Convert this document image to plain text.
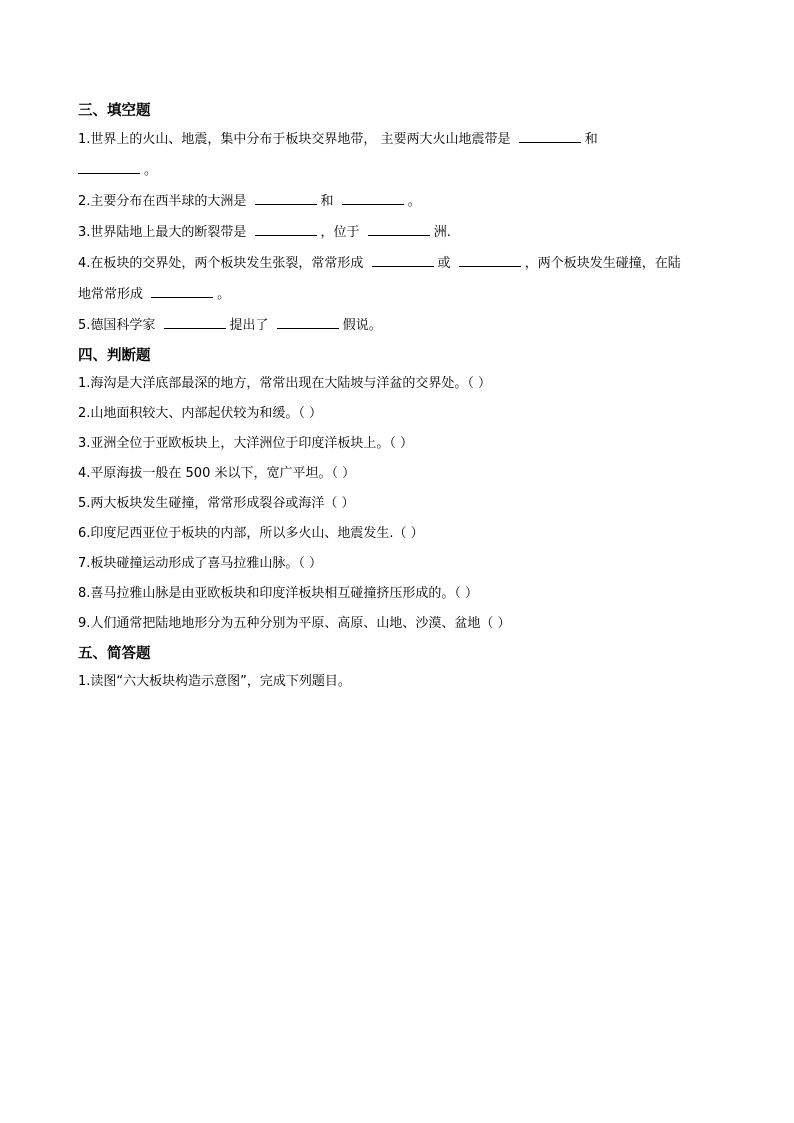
三、填空题
1.世界上的火山、地震，集中分布于板块交界地带， 主要两大火山地震带是	和
。
2.主要分布在西半球的大洲是	和	。
3.世界陆地上最大的断裂带是	，位于	洲.
4.在板块的交界处，两个板块发生张裂，常常形成	或	，两个板块发生碰撞，在陆
地常常形成	。
5.德国科学家	提出了	假说。
四、判断题
1.海沟是大洋底部最深的地方，常常出现在大陆坡与洋盆的交界处。（ ）
2.山地面积较大、内部起伏较为和缓。（ ）
3.亚洲全位于亚欧板块上，大洋洲位于印度洋板块上。（ ）
4.平原海拔一般在 500 米以下，宽广平坦。（ ）
5.两大板块发生碰撞，常常形成裂谷或海洋（ ）
6.印度尼西亚位于板块的内部，所以多火山、地震发生.（ ）
7.板块碰撞运动形成了喜马拉雅山脉。（ ）
8.喜马拉雅山脉是由亚欧板块和印度洋板块相互碰撞挤压形成的。（ ）
9.人们通常把陆地地形分为五种分别为平原、高原、山地、沙漠、盆地（ ）
五、简答题
1.读图“六大板块构造示意图”，完成下列题目。
